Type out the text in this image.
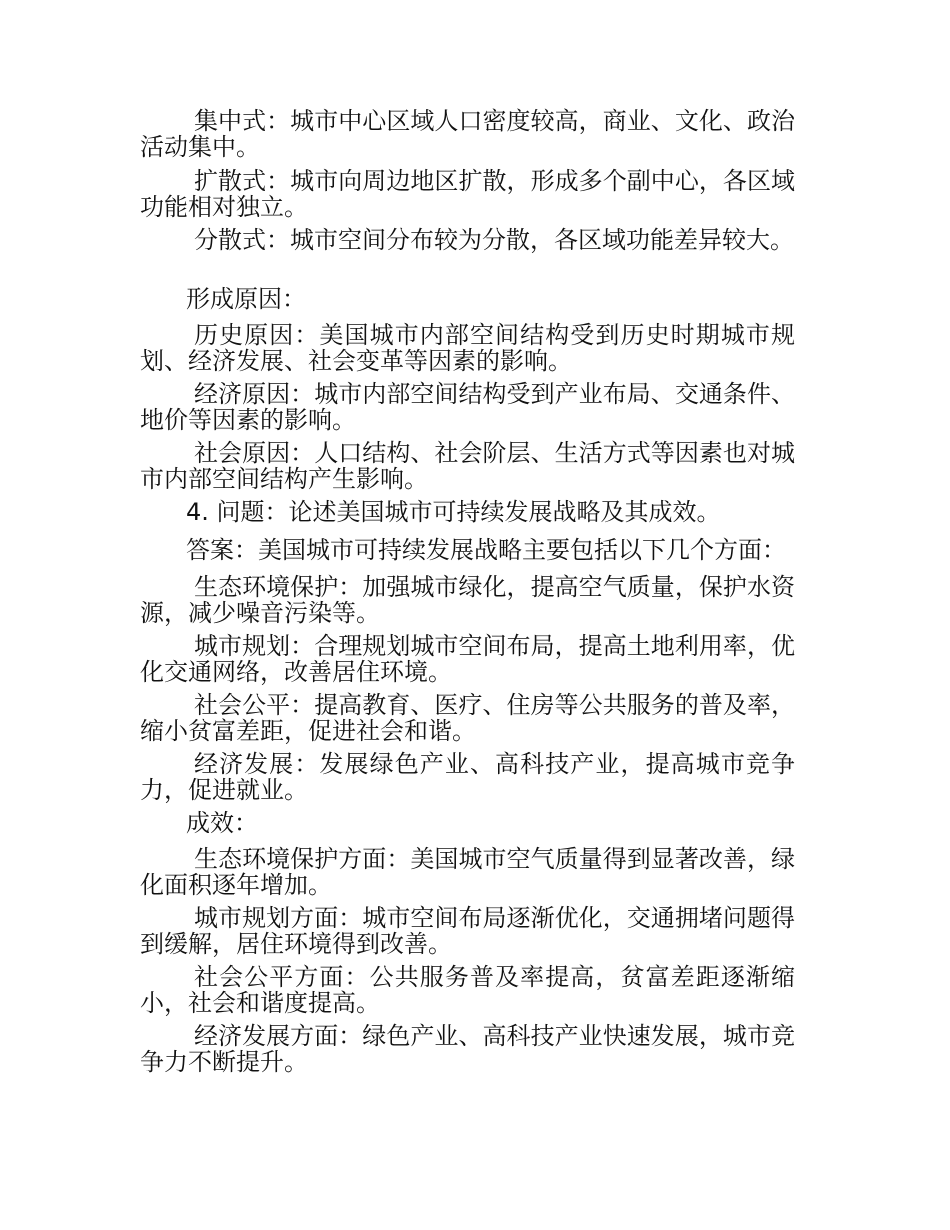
集中式：城市中心区域人口密度较高，商业、文化、政治活动集中。

扩散式：城市向周边地区扩散，形成多个副中心，各区域功能相对独立。

分散式：城市空间分布较为分散，各区域功能差异较大。

形成原因：

历史原因：美国城市内部空间结构受到历史时期城市规划、经济发展、社会变革等因素的影响。

经济原因：城市内部空间结构受到产业布局、交通条件、地价等因素的影响。

社会原因：人口结构、社会阶层、生活方式等因素也对城市内部空间结构产生影响。

4. 问题：论述美国城市可持续发展战略及其成效。

答案：美国城市可持续发展战略主要包括以下几个方面：

生态环境保护：加强城市绿化，提高空气质量，保护水资源，减少噪音污染等。

城市规划：合理规划城市空间布局，提高土地利用率，优化交通网络，改善居住环境。

社会公平：提高教育、医疗、住房等公共服务的普及率，缩小贫富差距，促进社会和谐。

经济发展：发展绿色产业、高科技产业，提高城市竞争力，促进就业。

成效：

生态环境保护方面：美国城市空气质量得到显著改善，绿化面积逐年增加。

城市规划方面：城市空间布局逐渐优化，交通拥堵问题得到缓解，居住环境得到改善。

社会公平方面：公共服务普及率提高，贫富差距逐渐缩小，社会和谐度提高。

经济发展方面：绿色产业、高科技产业快速发展，城市竞争力不断提升。
